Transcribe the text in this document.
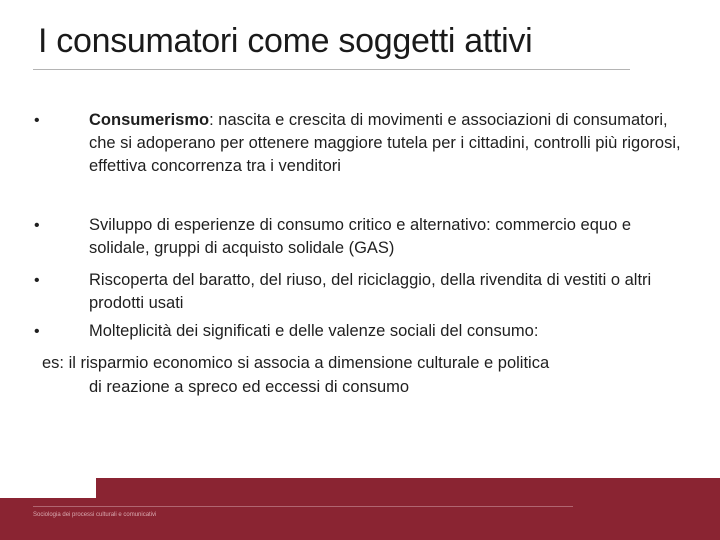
I consumatori come soggetti attivi
•	Consumerismo: nascita e crescita di movimenti e associazioni di consumatori, che si adoperano per ottenere maggiore tutela per i cittadini, controlli più rigorosi, effettiva concorrenza tra i venditori
•	Sviluppo di esperienze di consumo critico e alternativo: commercio equo e solidale, gruppi di acquisto solidale (GAS)
•	Riscoperta del baratto, del riuso, del riciclaggio, della rivendita di vestiti o altri prodotti usati
•	Molteplicità dei significati e delle valenze sociali del consumo:
es: il risparmio economico si associa a dimensione culturale e politica
di reazione a spreco ed eccessi di consumo
Sociologia dei processi culturali e comunicativi
